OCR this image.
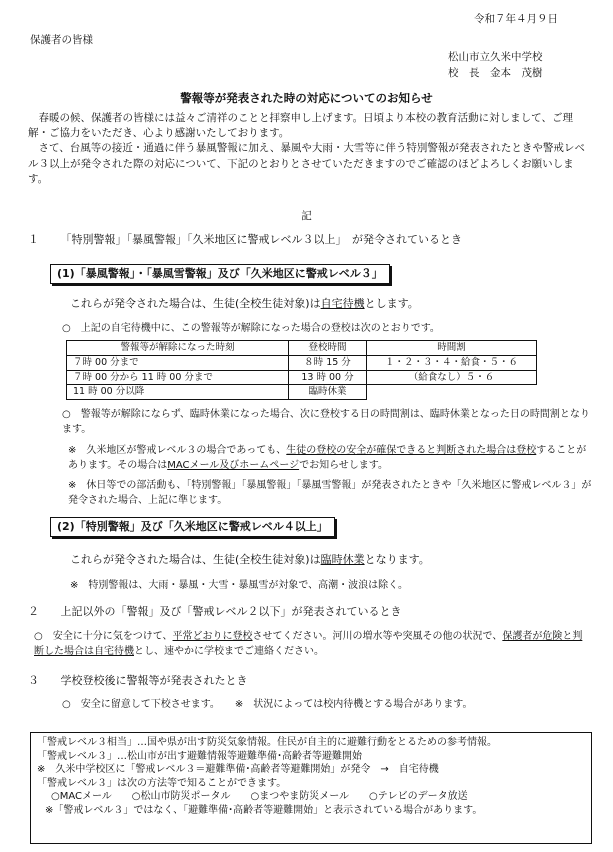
令和７年４月９日
保護者の皆様
松山市立久米中学校
校　長　金本　茂樹
警報等が発表された時の対応についてのお知らせ

春暖の候、保護者の皆様には益々ご清祥のことと拝察申し上げます。日頃より本校の教育活動に対しまして、ご理解・ご協力をいただき、心より感謝いたしております。

さて、台風等の接近・通過に伴う暴風警報に加え、暴風や大雨・大雪等に伴う特別警報が発表されたときや警戒レベル３以上が発令された際の対応について、下記のとおりとさせていただきますのでご確認のほどよろしくお願いします。

記
１ 「特別警報」「暴風警報」「久米地区に警戒レベル３以上」　が発令されているとき
(1)「暴風警報」・「暴風雪警報」及び「久米地区に警戒レベル３」
これらが発令された場合は、生徒(全校生徒対象)は自宅待機とします。
○　上記の自宅待機中に、この警報等が解除になった場合の登校は次のとおりです。
警報等が解除になった時刻	登校時間	時間割
７時 00 分まで	８時 15 分	１・２・３・４・給食・５・６
７時 00 分から 11 時 00 分まで	13 時 00 分	（給食なし）５・６
11 時 00 分以降	臨時休業	
○　警報等が解除にならず、臨時休業になった場合、次に登校する日の時間割は、臨時休業となった日の時間割となります。
※　久米地区が警戒レベル３の場合であっても、生徒の登校の安全が確保できると判断された場合は登校することがあります。その場合はMACメール及びホームページでお知らせします。
※　休日等での部活動も、「特別警報」「暴風警報」「暴風雪警報」が発表されたときや「久米地区に警戒レベル３」が発令された場合、上記に準じます。
(2)「特別警報」及び「久米地区に警戒レベル４以上」
これらが発令された場合は、生徒(全校生徒対象)は臨時休業となります。
※　特別警報は、大雨・暴風・大雪・暴風雪が対象で、高潮・波浪は除く。
２ 上記以外の「警報」及び「警戒レベル２以下」が発表されているとき
○　安全に十分に気をつけて、平常どおりに登校させてください。河川の増水等や突風その他の状況で、保護者が危険と判断した場合は自宅待機とし、速やかに学校までご連絡ください。
３ 学校登校後に警報等が発表されたとき
○　安全に留意して下校させます。　　※　状況によっては校内待機とする場合があります。
「警戒レベル３相当」…国や県が出す防災気象情報。住民が自主的に避難行動をとるための参考情報。
「警戒レベル３」…松山市が出す避難情報等避難準備･高齢者等避難開始
※　久米中学校区に「警戒レベル３＝避難準備･高齢者等避難開始」が発令　→　自宅待機
「警戒レベル３」は次の方法等で知ることができます。
○MACメール　　○松山市防災ポータル　　○まつやま防災メール　　○テレビのデータ放送
※「警戒レベル３」ではなく、「避難準備･高齢者等避難開始」と表示されている場合があります。
